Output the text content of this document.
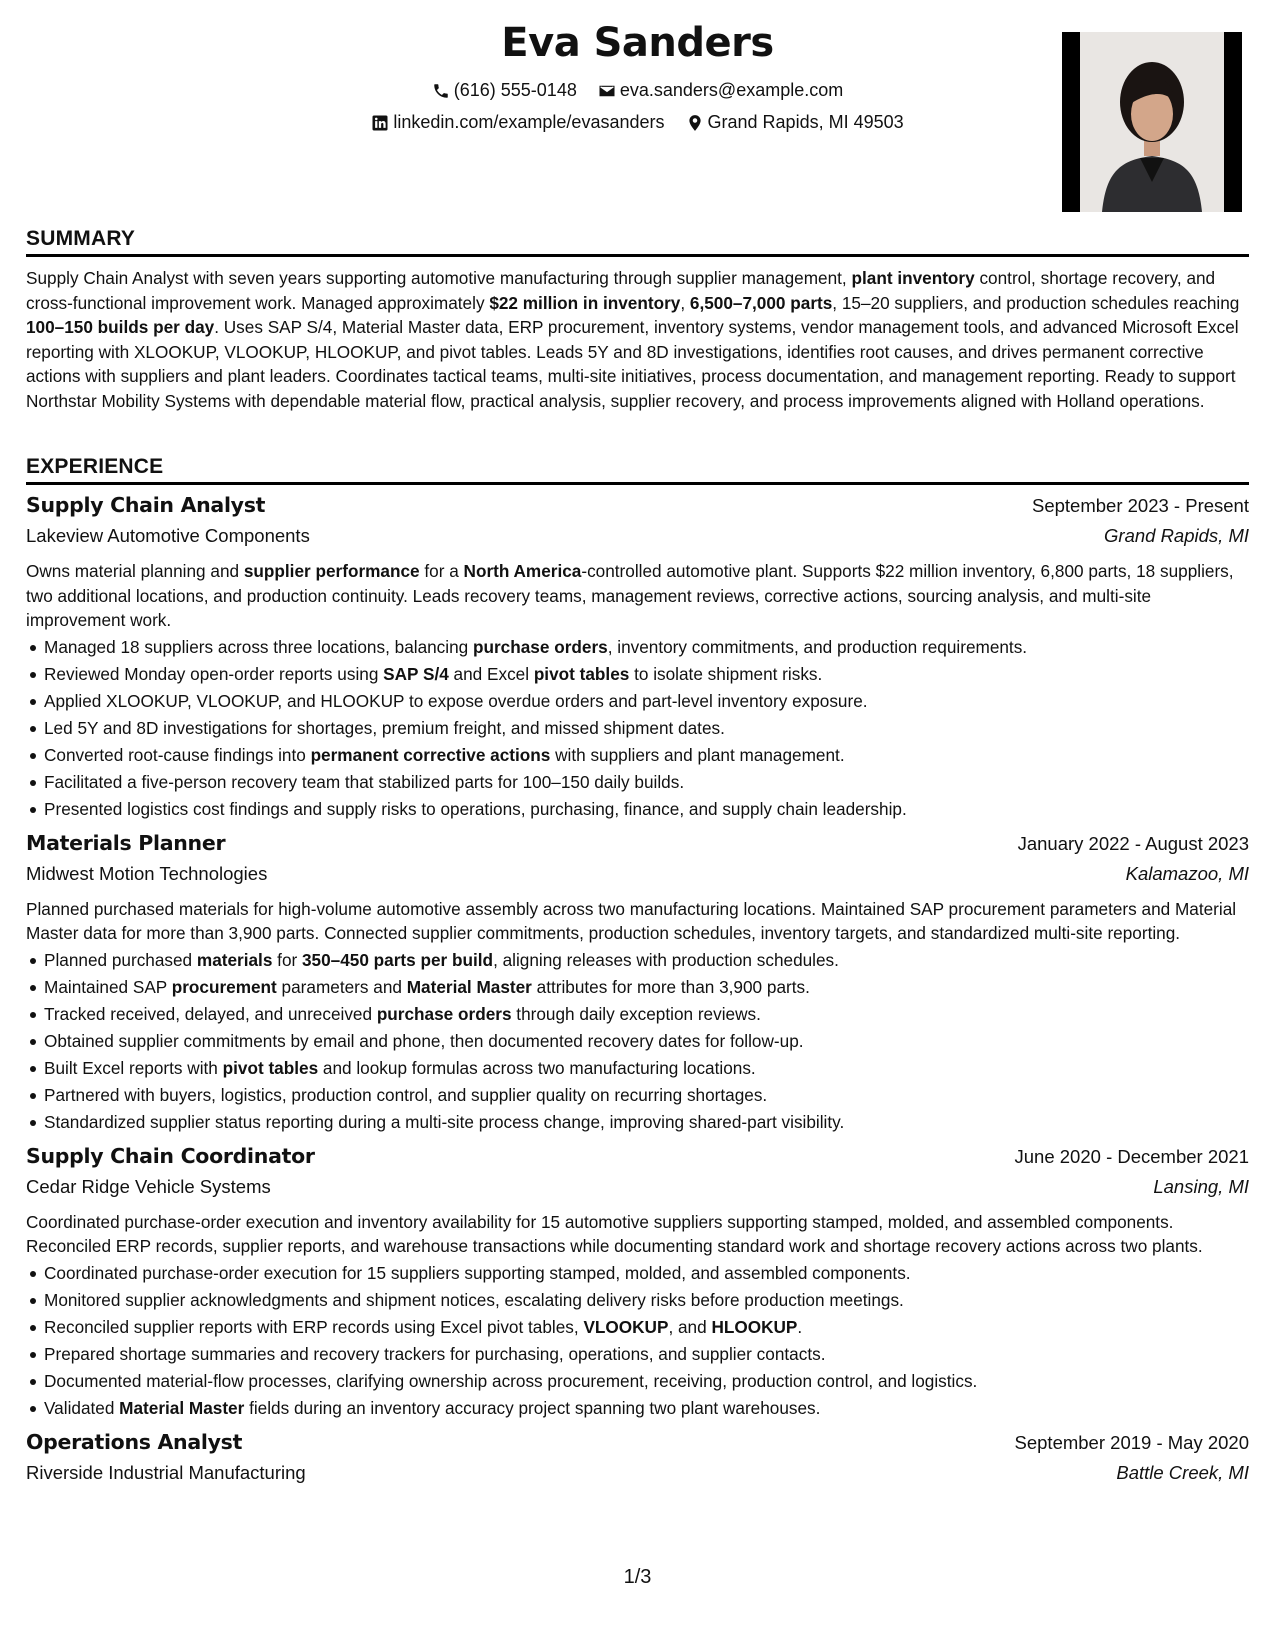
Eva Sanders
(616) 555-0148
eva.sanders@example.com
linkedin.com/example/evasanders
Grand Rapids, MI 49503
SUMMARY

Supply Chain Analyst with seven years supporting automotive manufacturing through supplier management, plant inventory control, shortage recovery, and cross-functional improvement work. Managed approximately $22 million in inventory, 6,500–7,000 parts, 15–20 suppliers, and production schedules reaching 100–150 builds per day. Uses SAP S/4, Material Master data, ERP procurement, inventory systems, vendor management tools, and advanced Microsoft Excel reporting with XLOOKUP, VLOOKUP, HLOOKUP, and pivot tables. Leads 5Y and 8D investigations, identifies root causes, and drives permanent corrective actions with suppliers and plant leaders. Coordinates tactical teams, multi-site initiatives, process documentation, and management reporting. Ready to support Northstar Mobility Systems with dependable material flow, practical analysis, supplier recovery, and process improvements aligned with Holland operations.

EXPERIENCE
Supply Chain Analyst	September 2023 - Present
Lakeview Automotive Components	Grand Rapids, MI

Owns material planning and supplier performance for a North America-controlled automotive plant. Supports $22 million inventory, 6,800 parts, 18 suppliers, two additional locations, and production continuity. Leads recovery teams, management reviews, corrective actions, sourcing analysis, and multi-site improvement work.

Managed 18 suppliers across three locations, balancing purchase orders, inventory commitments, and production requirements.
Reviewed Monday open-order reports using SAP S/4 and Excel pivot tables to isolate shipment risks.
Applied XLOOKUP, VLOOKUP, and HLOOKUP to expose overdue orders and part-level inventory exposure.
Led 5Y and 8D investigations for shortages, premium freight, and missed shipment dates.
Converted root-cause findings into permanent corrective actions with suppliers and plant management.
Facilitated a five-person recovery team that stabilized parts for 100–150 daily builds.
Presented logistics cost findings and supply risks to operations, purchasing, finance, and supply chain leadership.
Materials Planner	January 2022 - August 2023
Midwest Motion Technologies	Kalamazoo, MI

Planned purchased materials for high-volume automotive assembly across two manufacturing locations. Maintained SAP procurement parameters and Material Master data for more than 3,900 parts. Connected supplier commitments, production schedules, inventory targets, and standardized multi-site reporting.

Planned purchased materials for 350–450 parts per build, aligning releases with production schedules.
Maintained SAP procurement parameters and Material Master attributes for more than 3,900 parts.
Tracked received, delayed, and unreceived purchase orders through daily exception reviews.
Obtained supplier commitments by email and phone, then documented recovery dates for follow-up.
Built Excel reports with pivot tables and lookup formulas across two manufacturing locations.
Partnered with buyers, logistics, production control, and supplier quality on recurring shortages.
Standardized supplier status reporting during a multi-site process change, improving shared-part visibility.
Supply Chain Coordinator	June 2020 - December 2021
Cedar Ridge Vehicle Systems	Lansing, MI

Coordinated purchase-order execution and inventory availability for 15 automotive suppliers supporting stamped, molded, and assembled components. Reconciled ERP records, supplier reports, and warehouse transactions while documenting standard work and shortage recovery actions across two plants.

Coordinated purchase-order execution for 15 suppliers supporting stamped, molded, and assembled components.
Monitored supplier acknowledgments and shipment notices, escalating delivery risks before production meetings.
Reconciled supplier reports with ERP records using Excel pivot tables, VLOOKUP, and HLOOKUP.
Prepared shortage summaries and recovery trackers for purchasing, operations, and supplier contacts.
Documented material-flow processes, clarifying ownership across procurement, receiving, production control, and logistics.
Validated Material Master fields during an inventory accuracy project spanning two plant warehouses.
Operations Analyst	September 2019 - May 2020
Riverside Industrial Manufacturing	Battle Creek, MI
1/3
